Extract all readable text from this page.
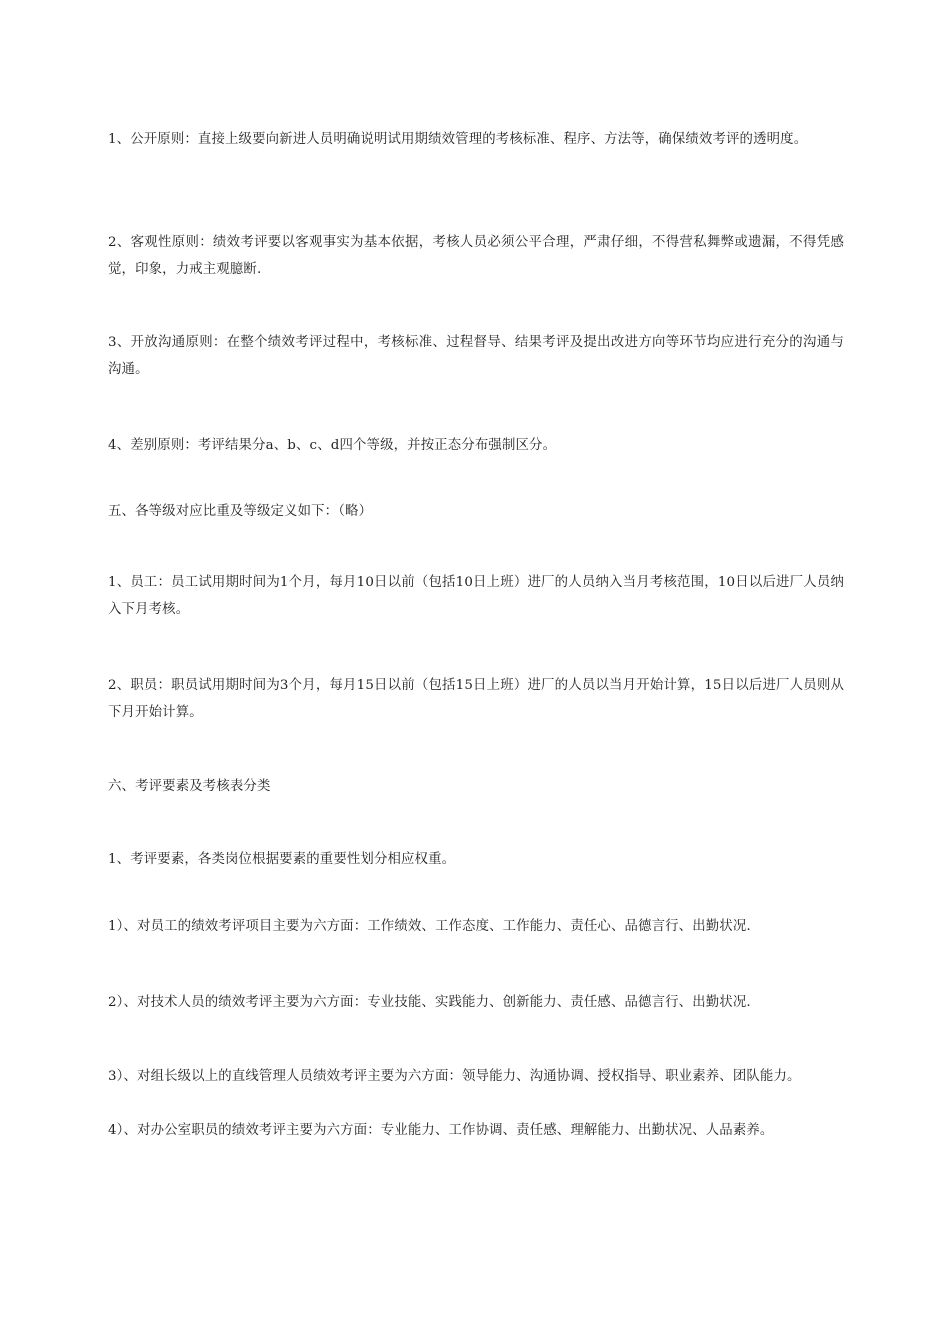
1、公开原则：直接上级要向新进人员明确说明试用期绩效管理的考核标准、程序、方法等，确保绩效考评的透明度。

2、客观性原则：绩效考评要以客观事实为基本依据，考核人员必须公平合理，严肃仔细，不得营私舞弊或遗漏，不得凭感觉，印象，力戒主观臆断.

3、开放沟通原则：在整个绩效考评过程中，考核标准、过程督导、结果考评及提出改进方向等环节均应进行充分的沟通与沟通。

4、差别原则：考评结果分a、b、c、d四个等级，并按正态分布强制区分。

五、各等级对应比重及等级定义如下：（略）

1、员工：员工试用期时间为1个月，每月10日以前（包括10日上班）进厂的人员纳入当月考核范围，10日以后进厂人员纳入下月考核。

2、职员：职员试用期时间为3个月，每月15日以前（包括15日上班）进厂的人员以当月开始计算，15日以后进厂人员则从下月开始计算。

六、考评要素及考核表分类

1、考评要素，各类岗位根据要素的重要性划分相应权重。

1）、对员工的绩效考评项目主要为六方面：工作绩效、工作态度、工作能力、责任心、品德言行、出勤状况.

2）、对技术人员的绩效考评主要为六方面：专业技能、实践能力、创新能力、责任感、品德言行、出勤状况.

3）、对组长级以上的直线管理人员绩效考评主要为六方面：领导能力、沟通协调、授权指导、职业素养、团队能力。

4）、对办公室职员的绩效考评主要为六方面：专业能力、工作协调、责任感、理解能力、出勤状况、人品素养。
